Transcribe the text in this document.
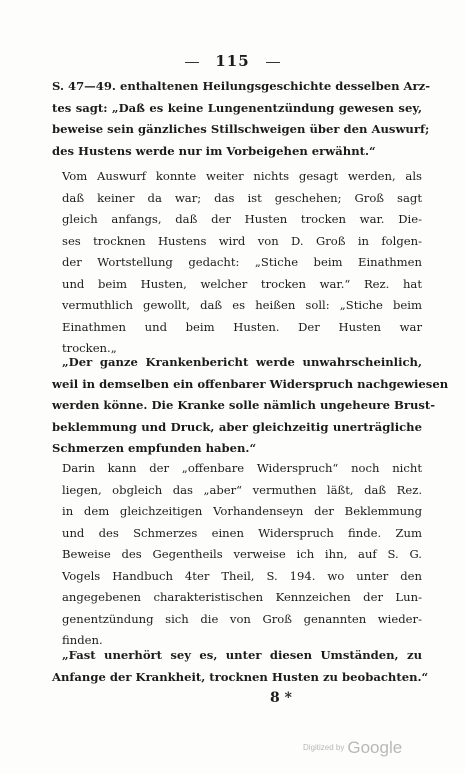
115
S. 47—49. enthaltenen Heilungsgeschichte desselben Arz-
tes sagt: „Daß es keine Lungenentzündung gewesen sey,
beweise sein gänzliches Stillschweigen über den Auswurf;
des Hustens werde nur im Vorbeigehen erwähnt.“
Vom Auswurf konnte weiter nichts gesagt werden, als
daß keiner da war; das ist geschehen; Groß sagt
gleich anfangs, daß der Husten trocken war. Die-
ses trocknen Hustens wird von D. Groß in folgen-
der Wortstellung gedacht: „Stiche beim Einathmen
und beim Husten, welcher trocken war.“ Rez. hat
vermuthlich gewollt, daß es heißen soll: „Stiche beim
Einathmen und beim Husten. Der Husten war
trocken.„
„Der ganze Krankenbericht werde unwahrscheinlich,
weil in demselben ein offenbarer Widerspruch nachgewiesen
werden könne. Die Kranke solle nämlich ungeheure Brust-
beklemmung und Druck, aber gleichzeitig unerträgliche
Schmerzen empfunden haben.“
Darin kann der „offenbare Widerspruch“ noch nicht
liegen, obgleich das „aber“ vermuthen läßt, daß Rez.
in dem gleichzeitigen Vorhandenseyn der Beklemmung
und des Schmerzes einen Widerspruch finde. Zum
Beweise des Gegentheils verweise ich ihn, auf S. G.
Vogels Handbuch 4ter Theil, S. 194. wo unter den
angegebenen charakteristischen Kennzeichen der Lun-
genentzündung sich die von Groß genannten wieder-
finden.
„Fast unerhört sey es, unter diesen Umständen, zu
Anfange der Krankheit, trocknen Husten zu beobachten.“
8 *
Digitized by Google
